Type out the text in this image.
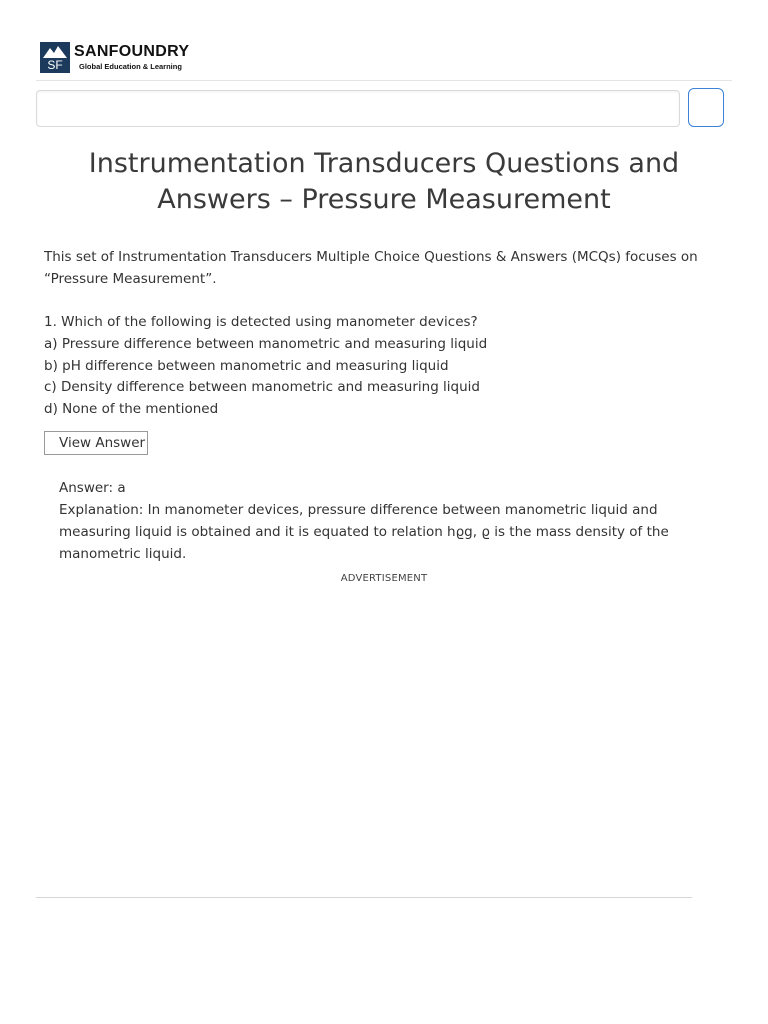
SF
SANFOUNDRY
Global Education & Learning
Instrumentation Transducers Questions and Answers – Pressure Measurement
This set of Instrumentation Transducers Multiple Choice Questions & Answers (MCQs) focuses on “Pressure Measurement”.
1. Which of the following is detected using manometer devices?
a) Pressure difference between manometric and measuring liquid
b) pH difference between manometric and measuring liquid
c) Density difference between manometric and measuring liquid
d) None of the mentioned
View Answer
Answer: a
Explanation: In manometer devices, pressure difference between manometric liquid and measuring liquid is obtained and it is equated to relation hϱg, ϱ is the mass density of the manometric liquid.
ADVERTISEMENT
